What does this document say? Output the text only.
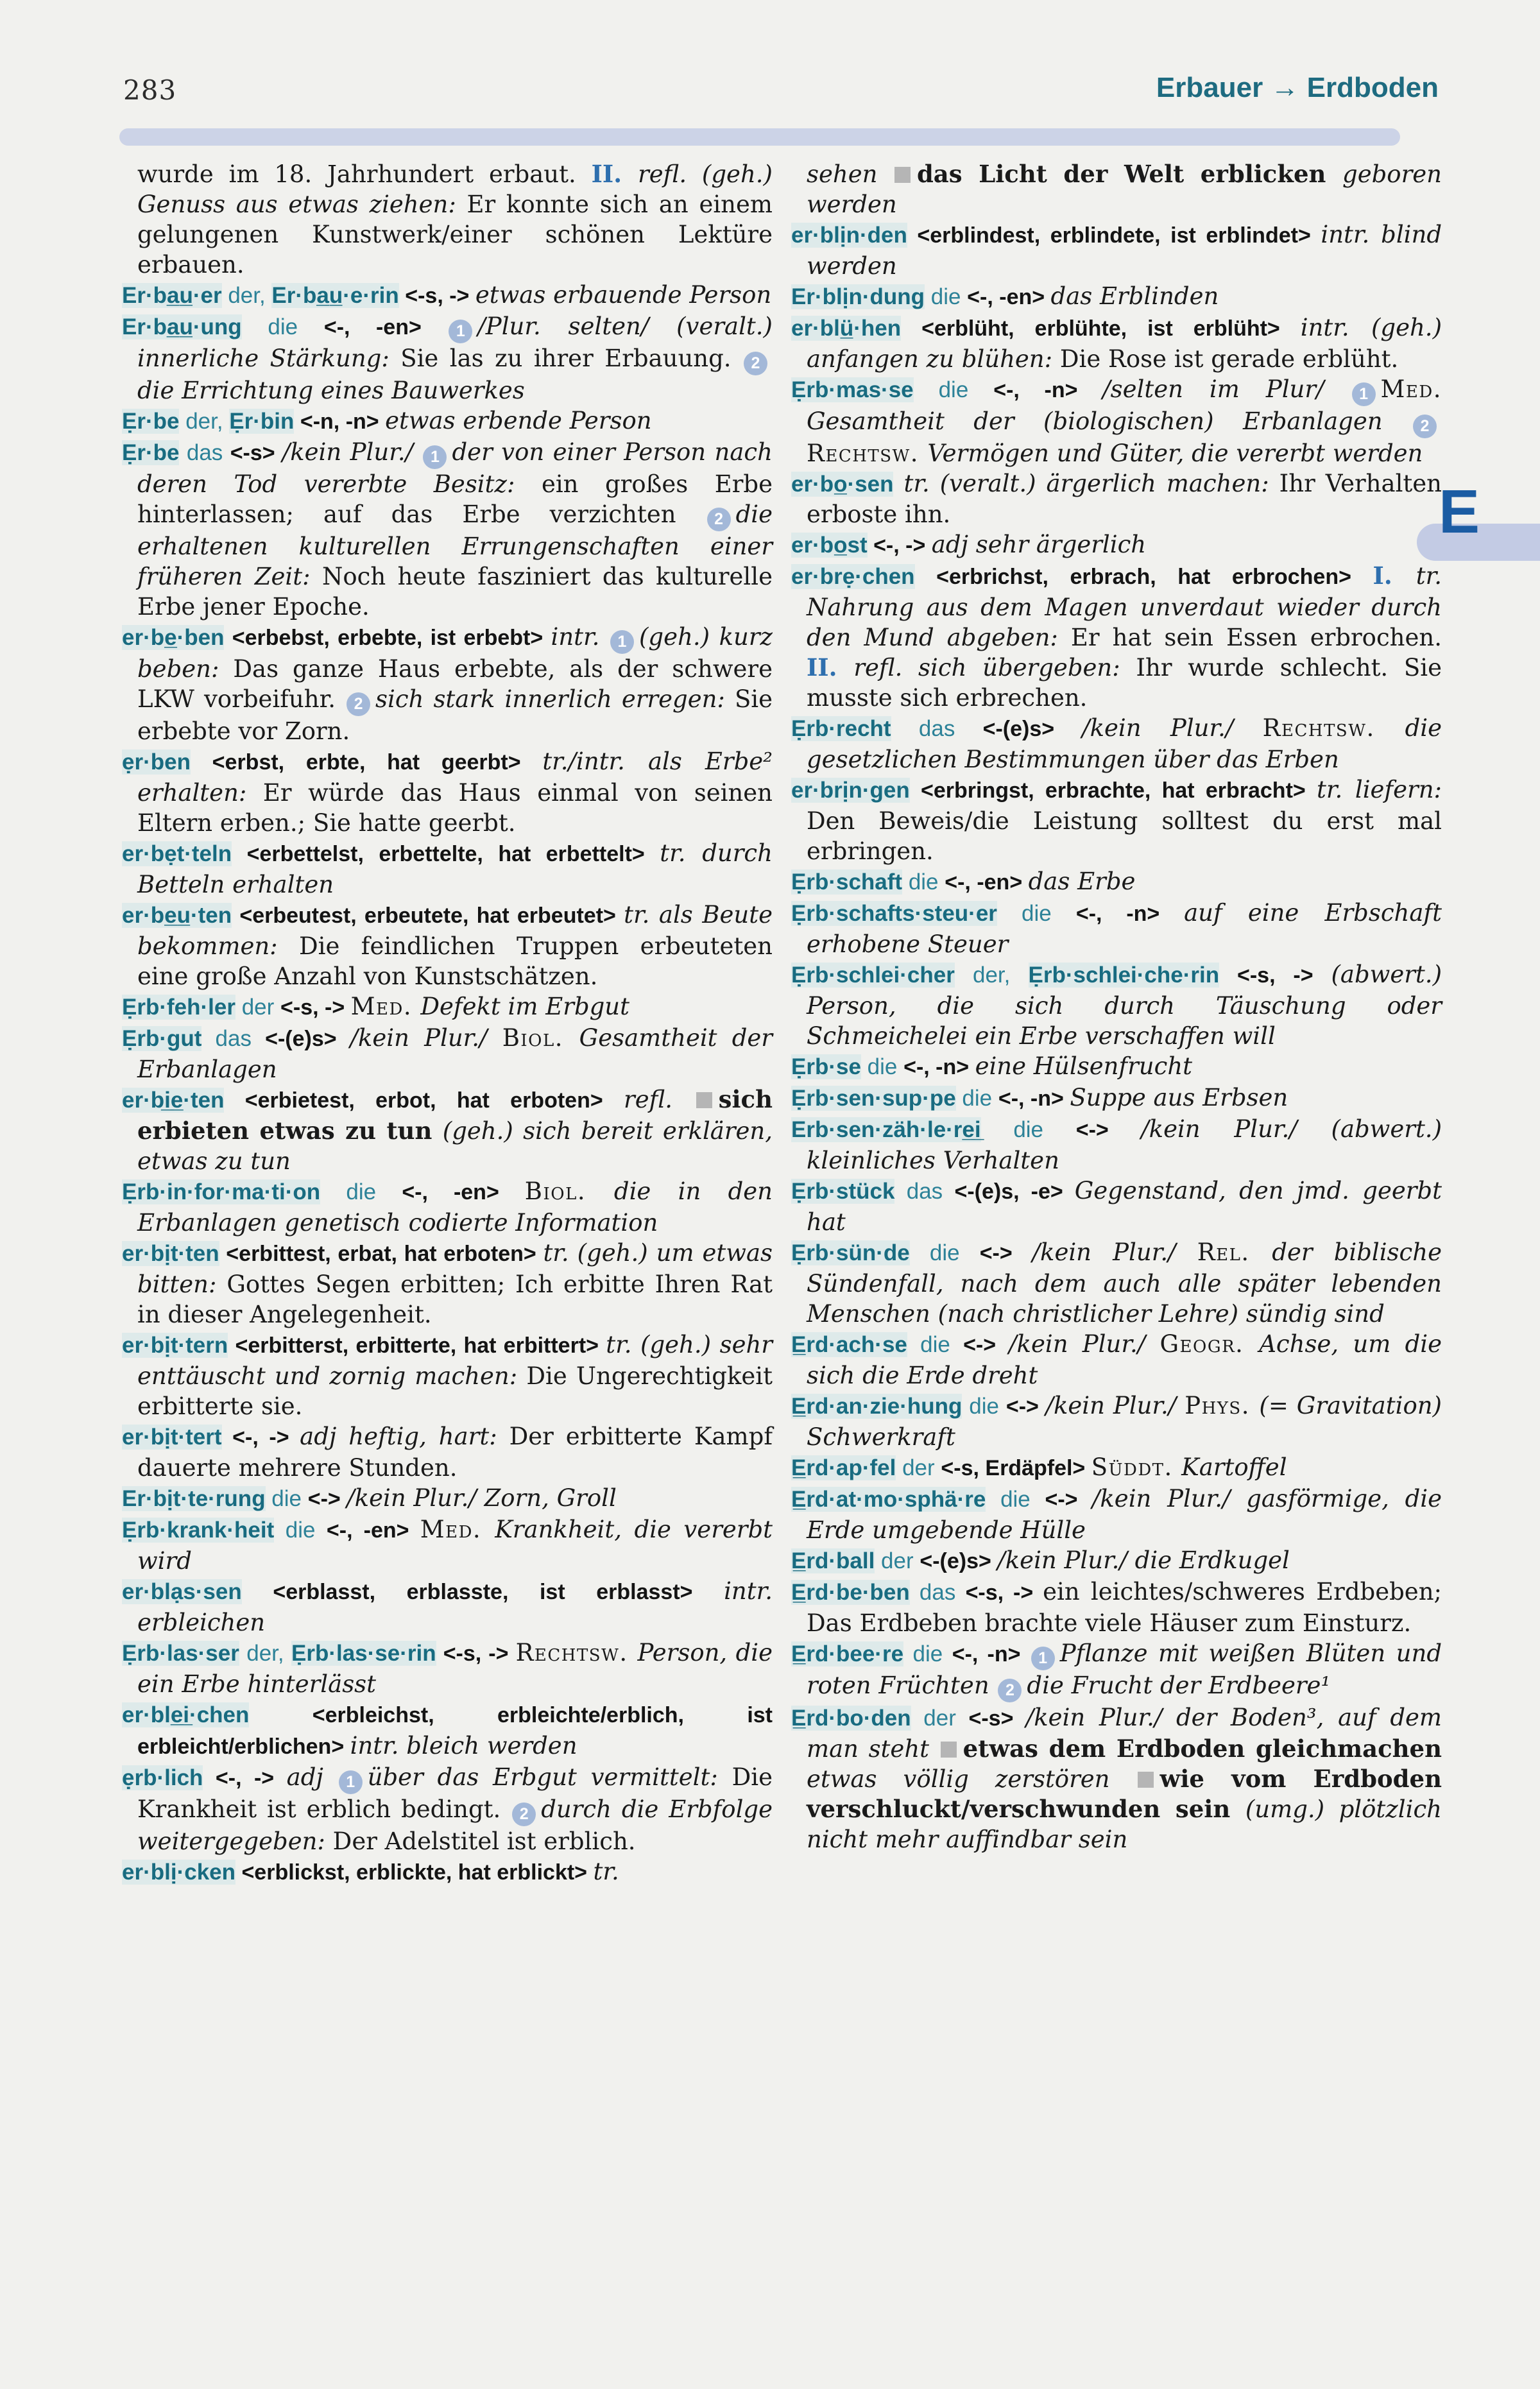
283	Erbauer → Erdboden
E
wurde im 18. Jahrhundert erbaut. II. refl. (geh.) Genuss aus etwas ziehen: Er konnte sich an einem gelungenen Kunstwerk/einer schönen Lektüre erbauen.
Er·ba̲u̲·er der, Er·ba̲u̲·e·rin <-s, -> etwas erbauende Person
Er·ba̲u̲·ung die <-, -en> 1 /Plur. selten/ (veralt.) innerliche Stärkung: Sie las zu ihrer Erbauung. 2die Errichtung eines Bauwerkes
Ẹr·be der, Ẹr·bin <-n, -n> etwas erbende Person
Ẹr·be das <-s> /kein Plur./ 1 der von einer Person nach deren Tod vererbte Besitz: ein großes Erbe hinterlassen; auf das Erbe verzichten 2 die erhaltenen kulturellen Errungenschaften einer früheren Zeit: Noch heute fasziniert das kulturelle Erbe jener Epoche.
er·be̲·ben <erbebst, erbebte, ist erbebt> intr. 1 (geh.) kurz beben: Das ganze Haus erbebte, als der schwere LKW vorbeifuhr. 2 sich stark innerlich erregen: Sie erbebte vor Zorn.
ẹr·ben <erbst, erbte, hat geerbt> tr./intr. als Erbe² erhalten: Er würde das Haus einmal von seinen Eltern erben.; Sie hatte geerbt.
er·bẹt·teln <erbettelst, erbettelte, hat erbettelt> tr. durch Betteln erhalten
er·be̲u̲·ten <erbeutest, erbeutete, hat erbeutet> tr. als Beute bekommen: Die feindlichen Truppen erbeuteten eine große Anzahl von Kunstschätzen.
Ẹrb·feh·ler der <-s, -> Med. Defekt im Erbgut
Ẹrb·gut das <-(e)s> /kein Plur./ Biol. Gesamtheit der Erbanlagen
er·bi̲e̲·ten <erbietest, erbot, hat erboten> refl. sich erbieten etwas zu tun (geh.) sich bereit erklären, etwas zu tun
Ẹrb·in·for·ma·ti·on die <-, -en> Biol. die in den Erbanlagen genetisch codierte Information
er·bịt·ten <erbittest, erbat, hat erboten> tr. (geh.) um etwas bitten: Gottes Segen erbitten; Ich erbitte Ihren Rat in dieser Angelegenheit.
er·bịt·tern <erbitterst, erbitterte, hat erbittert> tr. (geh.) sehr enttäuscht und zornig machen: Die Ungerechtigkeit erbitterte sie.
er·bịt·tert <-, -> adj heftig, hart: Der erbitterte Kampf dauerte mehrere Stunden.
Er·bịt·te·rung die <-> /kein Plur./ Zorn, Groll
Ẹrb·krank·heit die <-, -en> Med. Krankheit, die vererbt wird
er·blạs·sen <erblasst, erblasste, ist erblasst> intr. erbleichen
Ẹrb·las·ser der, Ẹrb·las·se·rin <-s, -> Rechtsw. Person, die ein Erbe hinterlässt
er·ble̲i̲·chen <erbleichst, erbleichte/erblich, ist erbleicht/erblichen> intr. bleich werden
ẹrb·lich <-, -> adj 1 über das Erbgut vermittelt: Die Krankheit ist erblich bedingt. 2 durch die Erbfolge weitergegeben: Der Adelstitel ist erblich.
er·blị·cken <erblickst, erblickte, hat erblickt> tr.
sehen das Licht der Welt erblicken geboren werden
er·blịn·den <erblindest, erblindete, ist erblindet> intr. blind werden
Er·blịn·dung die <-, -en> das Erblinden
er·blü̲·hen <erblüht, erblühte, ist erblüht> intr. (geh.) anfangen zu blühen: Die Rose ist gerade erblüht.
Ẹrb·mas·se die <-, -n> /selten im Plur/ 1 Med. Gesamtheit der (biologischen) Erbanlagen 2Rechtsw. Vermögen und Güter, die vererbt werden
er·bo̲·sen tr. (veralt.) ärgerlich machen: Ihr Verhalten erboste ihn.
er·bo̲st <-, -> adj sehr ärgerlich
er·brẹ·chen <erbrichst, erbrach, hat erbrochen> I. tr. Nahrung aus dem Magen unverdaut wieder durch den Mund abgeben: Er hat sein Essen erbrochen. II. refl. sich übergeben: Ihr wurde schlecht. Sie musste sich erbrechen.
Ẹrb·recht das <-(e)s> /kein Plur./ Rechtsw. die gesetzlichen Bestimmungen über das Erben
er·brịn·gen <erbringst, erbrachte, hat erbracht> tr. liefern: Den Beweis/die Leistung solltest du erst mal erbringen.
Ẹrb·schaft die <-, -en> das Erbe
Ẹrb·schafts·steu·er die <-, -n> auf eine Erbschaft erhobene Steuer
Ẹrb·schlei·cher der, Ẹrb·schlei·che·rin <-s, -> (abwert.) Person, die sich durch Täuschung oder Schmeichelei ein Erbe verschaffen will
Ẹrb·se die <-, -n> eine Hülsenfrucht
Ẹrb·sen·sup·pe die <-, -n> Suppe aus Erbsen
Erb·sen·zäh·le·re̲i̲ die <-> /kein Plur./ (abwert.) kleinliches Verhalten
Ẹrb·stück das <-(e)s, -e> Gegenstand, den jmd. geerbt hat
Ẹrb·sün·de die <-> /kein Plur./ Rel. der biblische Sündenfall, nach dem auch alle später lebenden Menschen (nach christlicher Lehre) sündig sind
E̲rd·ach·se die <-> /kein Plur./ Geogr. Achse, um die sich die Erde dreht
E̲rd·an·zie·hung die <-> /kein Plur./ Phys. (= Gravitation) Schwerkraft
E̲rd·ap·fel der <-s, Erdäpfel> Süddt. Kartoffel
E̲rd·at·mo·sphä·re die <-> /kein Plur./ gasförmige, die Erde umgebende Hülle
E̲rd·ball der <-(e)s> /kein Plur./ die Erdkugel
E̲rd·be·ben das <-s, -> ein leichtes/schweres Erdbeben; Das Erdbeben brachte viele Häuser zum Einsturz.
E̲rd·bee·re die <-, -n> 1 Pflanze mit weißen Blüten und roten Früchten 2 die Frucht der Erdbeere¹
E̲rd·bo·den der <-s> /kein Plur./ der Boden³, auf dem man steht etwas dem Erdboden gleichmachen etwas völlig zerstören wie vom Erdboden verschluckt/verschwunden sein (umg.) plötzlich nicht mehr auffindbar sein
